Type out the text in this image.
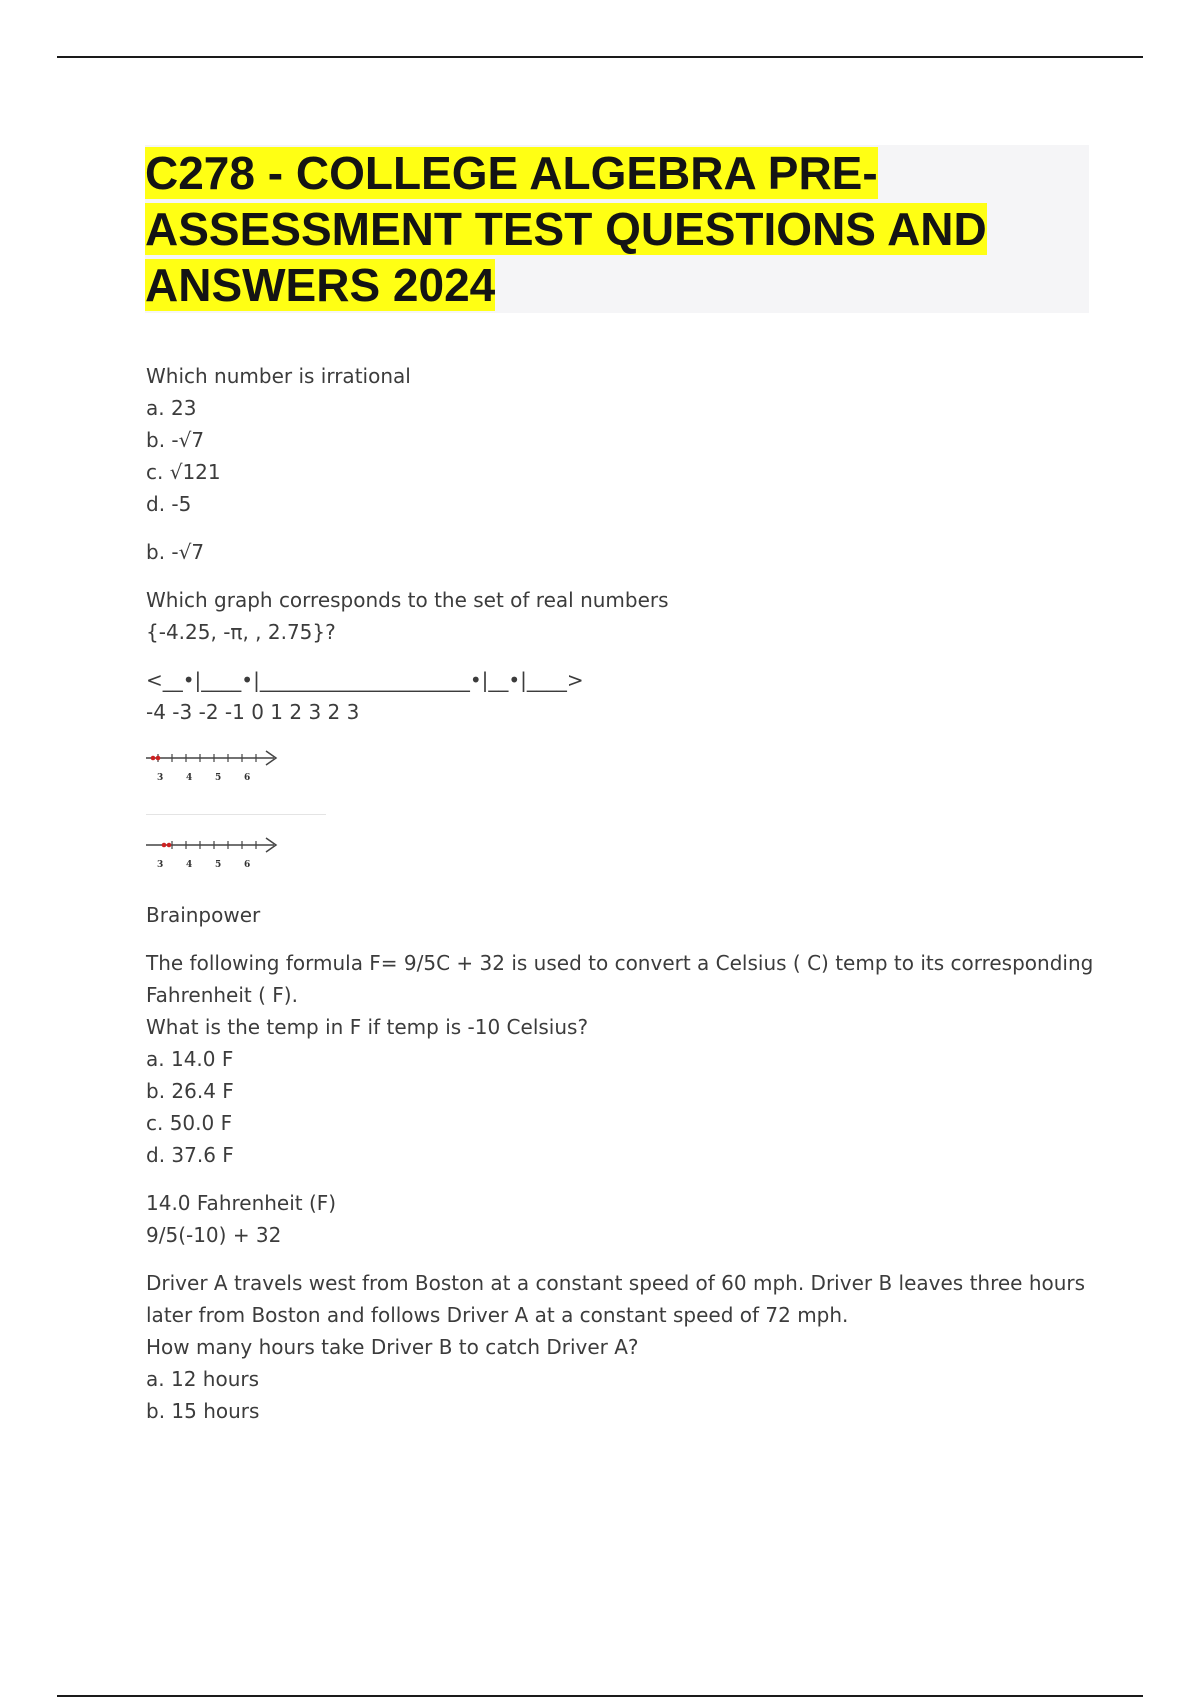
C278 - COLLEGE ALGEBRA PRE-
ASSESSMENT TEST QUESTIONS AND
ANSWERS 2024
Which number is irrational
a. 23
b. -√7
c. √121
d. -5
b. -√7
Which graph corresponds to the set of real numbers
{-4.25, -π, , 2.75}?
<__•|____•|_____________________•|__•|____>
-4 -3 -2 -1 0 1 2 3 2 3
3	4	5	6
3	4	5	6
Brainpower
The following formula F= 9/5C + 32 is used to convert a Celsius ( C) temp to its corresponding
Fahrenheit ( F).
What is the temp in F if temp is -10 Celsius?
a. 14.0 F
b. 26.4 F
c. 50.0 F
d. 37.6 F
14.0 Fahrenheit (F)
9/5(-10) + 32
Driver A travels west from Boston at a constant speed of 60 mph. Driver B leaves three hours
later from Boston and follows Driver A at a constant speed of 72 mph.
How many hours take Driver B to catch Driver A?
a. 12 hours
b. 15 hours
